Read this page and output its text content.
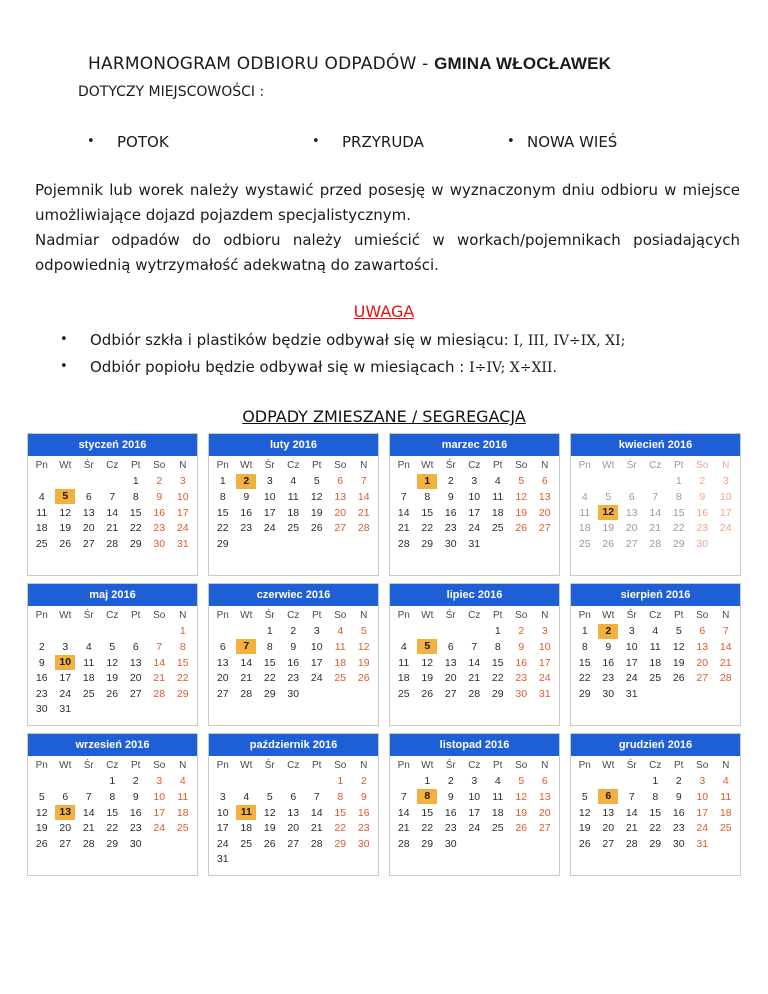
HARMONOGRAM ODBIORU ODPADÓW - GMINA WŁOCŁAWEK
DOTYCZY MIEJSCOWOŚCI :
• POTOK	• PRZYRUDA	• NOWA WIEŚ
Pojemnik lub worek należy wystawić przed posesję w wyznaczonym dniu odbioru w miejsce umożliwiające dojazd pojazdem specjalistycznym.
Nadmiar odpadów do odbioru należy umieścić w workach/pojemnikach posiadających odpowiednią wytrzymałość adekwatną do zawartości.
UWAGA
• Odbiór szkła i plastików będzie odbywał się w miesiącu: I, III, IV÷IX, XI;
• Odbiór popiołu będzie odbywał się w miesiącach : I÷IV; X÷XII.
ODPADY ZMIESZANE / SEGREGACJA
styczeń 2016
Pn	Wt	Śr	Cz	Pt	So	N
				1	2	3
4	5	6	7	8	9	10
11	12	13	14	15	16	17
18	19	20	21	22	23	24
25	26	27	28	29	30	31
luty 2016
Pn	Wt	Śr	Cz	Pt	So	N
1	2	3	4	5	6	7
8	9	10	11	12	13	14
15	16	17	18	19	20	21
22	23	24	25	26	27	28
29						
marzec 2016
Pn	Wt	Śr	Cz	Pt	So	N
	1	2	3	4	5	6
7	8	9	10	11	12	13
14	15	16	17	18	19	20
21	22	23	24	25	26	27
28	29	30	31			
kwiecień 2016
Pn	Wt	Śr	Cz	Pt	So	N
				1	2	3
4	5	6	7	8	9	10
11	12	13	14	15	16	17
18	19	20	21	22	23	24
25	26	27	28	29	30	
maj 2016
Pn	Wt	Śr	Cz	Pt	So	N
						1
2	3	4	5	6	7	8
9	10	11	12	13	14	15
16	17	18	19	20	21	22
23	24	25	26	27	28	29
30	31					
czerwiec 2016
Pn	Wt	Śr	Cz	Pt	So	N
		1	2	3	4	5
6	7	8	9	10	11	12
13	14	15	16	17	18	19
20	21	22	23	24	25	26
27	28	29	30			
lipiec 2016
Pn	Wt	Śr	Cz	Pt	So	N
				1	2	3
4	5	6	7	8	9	10
11	12	13	14	15	16	17
18	19	20	21	22	23	24
25	26	27	28	29	30	31
sierpień 2016
Pn	Wt	Śr	Cz	Pt	So	N
1	2	3	4	5	6	7
8	9	10	11	12	13	14
15	16	17	18	19	20	21
22	23	24	25	26	27	28
29	30	31				
wrzesień 2016
Pn	Wt	Śr	Cz	Pt	So	N
			1	2	3	4
5	6	7	8	9	10	11
12	13	14	15	16	17	18
19	20	21	22	23	24	25
26	27	28	29	30		
październik 2016
Pn	Wt	Śr	Cz	Pt	So	N
					1	2
3	4	5	6	7	8	9
10	11	12	13	14	15	16
17	18	19	20	21	22	23
24	25	26	27	28	29	30
31						
listopad 2016
Pn	Wt	Śr	Cz	Pt	So	N
	1	2	3	4	5	6
7	8	9	10	11	12	13
14	15	16	17	18	19	20
21	22	23	24	25	26	27
28	29	30				
grudzień 2016
Pn	Wt	Śr	Cz	Pt	So	N
			1	2	3	4
5	6	7	8	9	10	11
12	13	14	15	16	17	18
19	20	21	22	23	24	25
26	27	28	29	30	31	
